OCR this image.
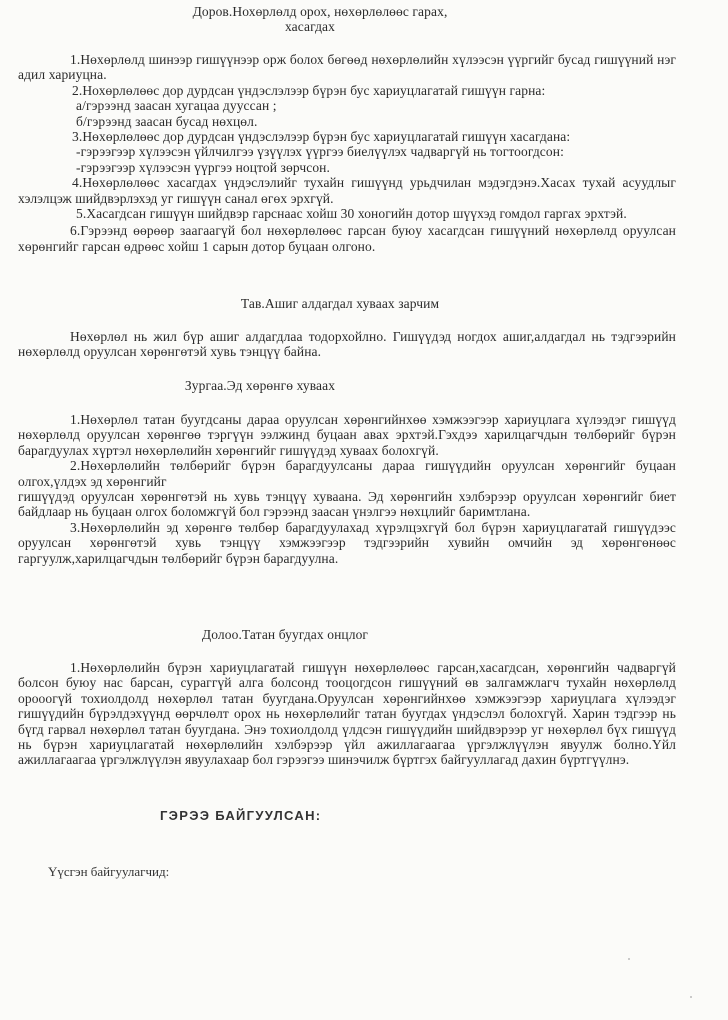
Доров.Нохөрлөлд орох, нөхөрлөлөөс гарах,
хасагдах

1.Нөхөрлөлд шинээр гишүүнээр орж болох бөгөөд нөхөрлөлийн хүлээсэн үүргийг бусад гишүүний нэг адил хариуцна.

2.Нохөрлөлөөс дор дурдсан үндэслэлээр бүрэн бус хариуцлагатай гишүүн гарна:

а/гэрээнд заасан хугацаа дууссан ;

б/гэрээнд заасан бусад нөхцөл.

3.Нөхөрлөлөөс дор дурдсан үндэслэлээр бүрэн бус хариуцлагатай гишүүн хасагдана:

-гэрээгээр хүлээсэн үйлчилгээ үзүүлэх үүргээ биелүүлэх чадваргүй нь тогтоогдсон:

-гэрээгээр хүлээсэн үүргээ ноцтой зөрчсон.

4.Нөхөрлөлөөс хасагдах үндэслэлийг тухайн гишүүнд урьдчилан мэдэгдэнэ.Хасах тухай асуудлыг хэлэлцэж шийдвэрлэхэд уг гишүүн санал өгөх эрхгүй.

5.Хасагдсан гишүүн шийдвэр гарснаас хойш 30 хоногийн дотор шүүхэд гомдол гаргах эрхтэй.

6.Гэрээнд өөрөөр заагаагүй бол нөхөрлөлөөс гарсан буюу хасагдсан гишүүний нөхөрлөлд оруулсан хөрөнгийг гарсан өдрөөс хойш 1 сарын дотор буцаан олгоно.

Тав.Ашиг алдагдал хуваах зарчим

Нөхөрлөл нь жил бүр ашиг алдагдлаа тодорхойлно. Гишүүдэд ногдох ашиг,алдагдал нь тэдгээрийн нөхөрлөлд оруулсан хөрөнгөтэй хувь тэнцүү байна.

Зургаа.Эд хөрөнгө хуваах

1.Нөхөрлөл татан буугдсаны дараа оруулсан хөрөнгийнхөө хэмжээгээр хариуцлага хүлээдэг гишүүд нөхөрлөлд оруулсан хөрөнгөө тэргүүн ээлжинд буцаан авах эрхтэй.Гэхдээ харилцагчдын төлбөрийг бүрэн барагдуулах хүртэл нөхөрлөлийн хөрөнгийг гишүүдэд хуваах болохгүй.

2.Нөхөрлөлийн төлбөрийг бүрэн барагдуулсаны дараа гишүүдийн оруулсан хөрөнгийг буцаан олгох,үлдэх эд хөрөнгийг

гишүүдэд оруулсан хөрөнгөтэй нь хувь тэнцүү хуваана. Эд хөрөнгийн хэлбэрээр оруулсан хөрөнгийг биет байдлаар нь буцаан олгох боломжгүй бол гэрээнд заасан үнэлгээ нөхцлийг баримтлана.

3.Нөхөрлөлийн эд хөрөнгө төлбөр барагдуулахад хүрэлцэхгүй бол бүрэн хариуцлагатай гишүүдээс оруулсан хөрөнгөтэй хувь тэнцүү хэмжээгээр тэдгээрийн хувийн омчийн эд хөрөнгөнөөс гаргуулж,харилцагчдын төлбөрийг бүрэн барагдуулна.

Долоо.Татан буугдах онцлог

1.Нөхөрлөлийн бүрэн хариуцлагатай гишүүн нөхөрлөлөөс гарсан,хасагдсан, хөрөнгийн чадваргүй болсон буюу нас барсан, сураггүй алга болсонд тооцогдсон гишүүний өв залгамжлагч тухайн нөхөрлөлд орооогүй тохиолдолд нөхөрлөл татан буугдана.Оруулсан хөрөнгийнхөө хэмжээгээр хариуцлага хүлээдэг гишүүдийн бүрэлдэхүүнд өөрчлөлт орох нь нөхөрлөлийг татан буугдах үндэслэл болохгүй. Харин тэдгээр нь бүгд гарвал нөхөрлөл татан буугдана. Энэ тохиолдолд үлдсэн гишүүдийн шийдвэрээр уг нөхөрлөл бүх гишүүд нь бүрэн хариуцлагатай нөхөрлөлийн хэлбэрээр үйл ажиллагаагаа үргэлжлүүлэн явуулж болно.Үйл ажиллагаагаа үргэлжлүүлэн явуулахаар бол гэрээгээ шинэчилж бүртгэх байгууллагад дахин бүртгүүлнэ.

ГЭРЭЭ БАЙГУУЛСАН:
Үүсгэн байгуулагчид:
